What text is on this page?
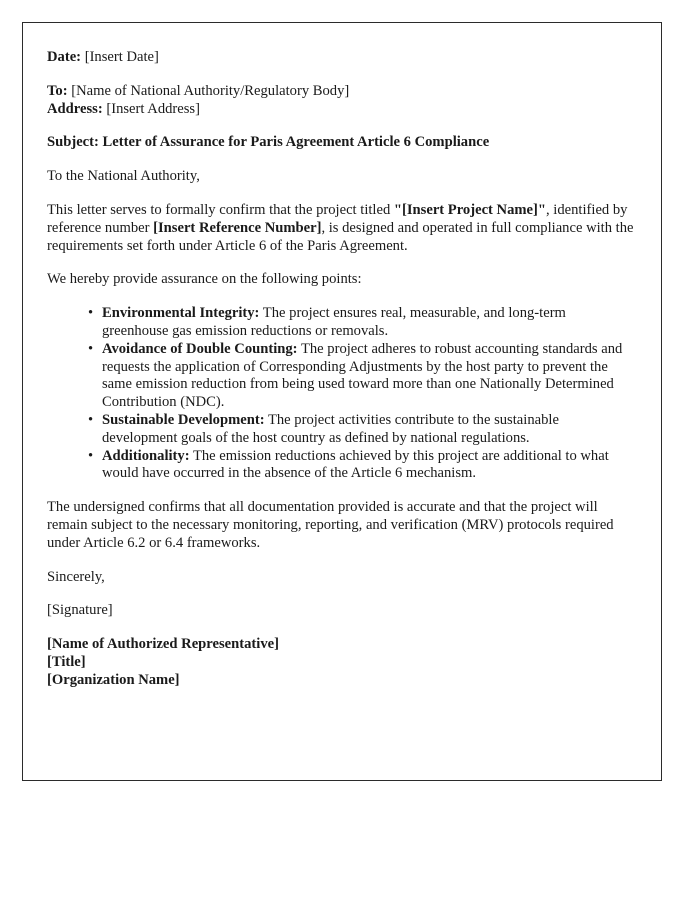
Date: [Insert Date]
To: [Name of National Authority/Regulatory Body]
Address: [Insert Address]
Subject: Letter of Assurance for Paris Agreement Article 6 Compliance
To the National Authority,
This letter serves to formally confirm that the project titled "[Insert Project Name]", identified by reference number [Insert Reference Number], is designed and operated in full compliance with the requirements set forth under Article 6 of the Paris Agreement.
We hereby provide assurance on the following points:
• Environmental Integrity: The project ensures real, measurable, and long-term greenhouse gas emission reductions or removals.
• Avoidance of Double Counting: The project adheres to robust accounting standards and requests the application of Corresponding Adjustments by the host party to prevent the same emission reduction from being used toward more than one Nationally Determined Contribution (NDC).
• Sustainable Development: The project activities contribute to the sustainable development goals of the host country as defined by national regulations.
• Additionality: The emission reductions achieved by this project are additional to what would have occurred in the absence of the Article 6 mechanism.
The undersigned confirms that all documentation provided is accurate and that the project will remain subject to the necessary monitoring, reporting, and verification (MRV) protocols required under Article 6.2 or 6.4 frameworks.
Sincerely,
[Signature]
[Name of Authorized Representative]
[Title]
[Organization Name]
